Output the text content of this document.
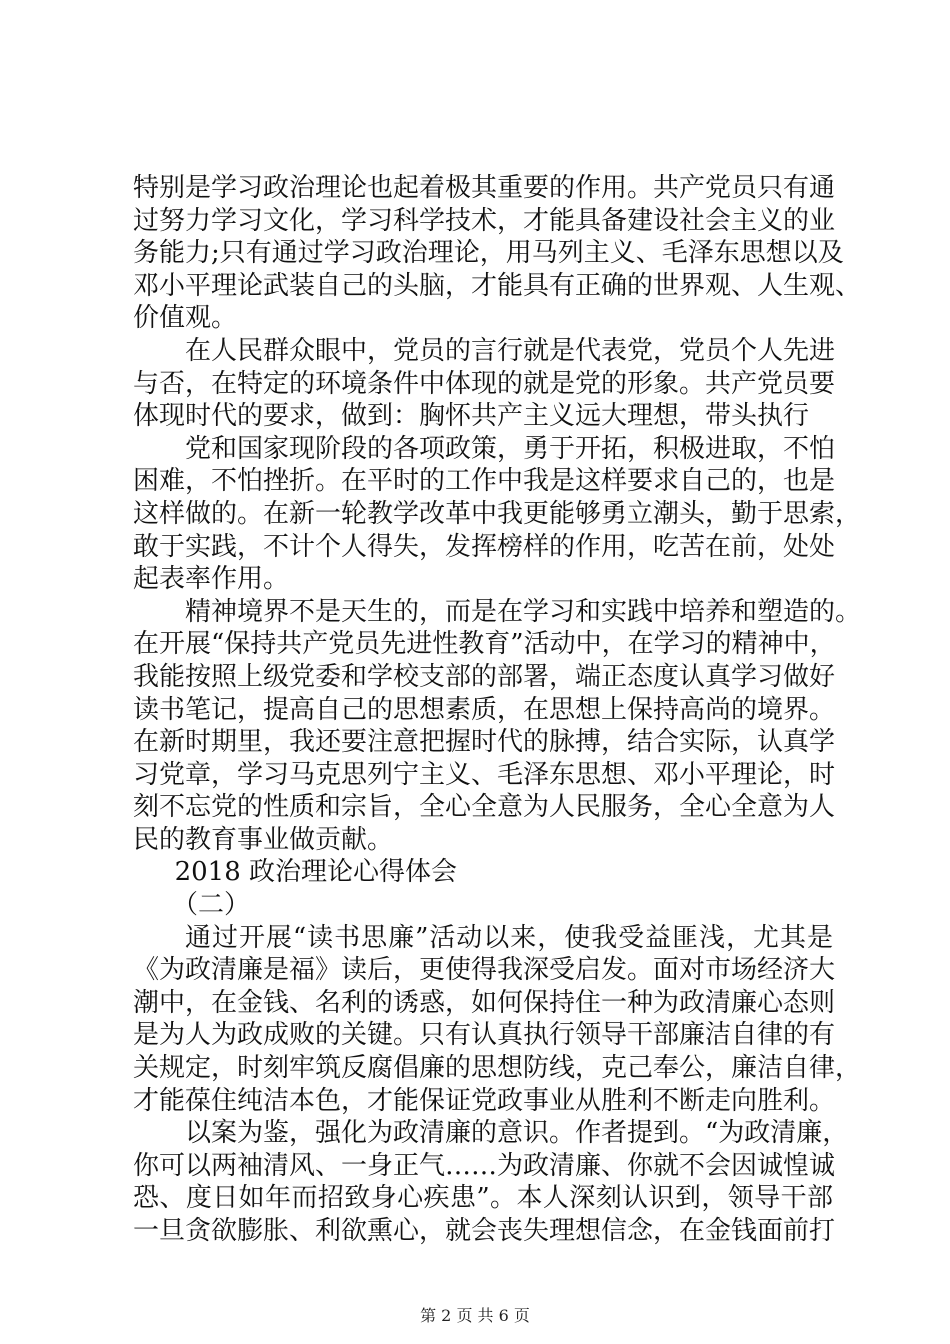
特别是学习政治理论也起着极其重要的作用。共产党员只有通
过努力学习文化，学习科学技术，才能具备建设社会主义的业
务能力;只有通过学习政治理论，用马列主义、毛泽东思想以及
邓小平理论武装自己的头脑，才能具有正确的世界观、人生观、
价值观。
在人民群众眼中，党员的言行就是代表党，党员个人先进
与否，在特定的环境条件中体现的就是党的形象。共产党员要
体现时代的要求，做到：胸怀共产主义远大理想，带头执行
党和国家现阶段的各项政策，勇于开拓，积极进取，不怕
困难，不怕挫折。在平时的工作中我是这样要求自己的，也是
这样做的。在新一轮教学改革中我更能够勇立潮头，勤于思索，
敢于实践，不计个人得失，发挥榜样的作用，吃苦在前，处处
起表率作用。
精神境界不是天生的，而是在学习和实践中培养和塑造的。
在开展“保持共产党员先进性教育”活动中，在学习的精神中，
我能按照上级党委和学校支部的部署，端正态度认真学习做好
读书笔记，提高自己的思想素质，在思想上保持高尚的境界。
在新时期里，我还要注意把握时代的脉搏，结合实际，认真学
习党章，学习马克思列宁主义、毛泽东思想、邓小平理论，时
刻不忘党的性质和宗旨，全心全意为人民服务，全心全意为人
民的教育事业做贡献。
2018 政治理论心得体会
（二）
通过开展“读书思廉”活动以来，使我受益匪浅，尤其是
《为政清廉是福》读后，更使得我深受启发。面对市场经济大
潮中，在金钱、名利的诱惑，如何保持住一种为政清廉心态则
是为人为政成败的关键。只有认真执行领导干部廉洁自律的有
关规定，时刻牢筑反腐倡廉的思想防线，克己奉公，廉洁自律，
才能葆住纯洁本色，才能保证党政事业从胜利不断走向胜利。
以案为鉴，强化为政清廉的意识。作者提到。“为政清廉，
你可以两袖清风、一身正气……为政清廉、你就不会因诚惶诚
恐、度日如年而招致身心疾患”。本人深刻认识到，领导干部
一旦贪欲膨胀、利欲熏心，就会丧失理想信念，在金钱面前打
第 2 页 共 6 页
